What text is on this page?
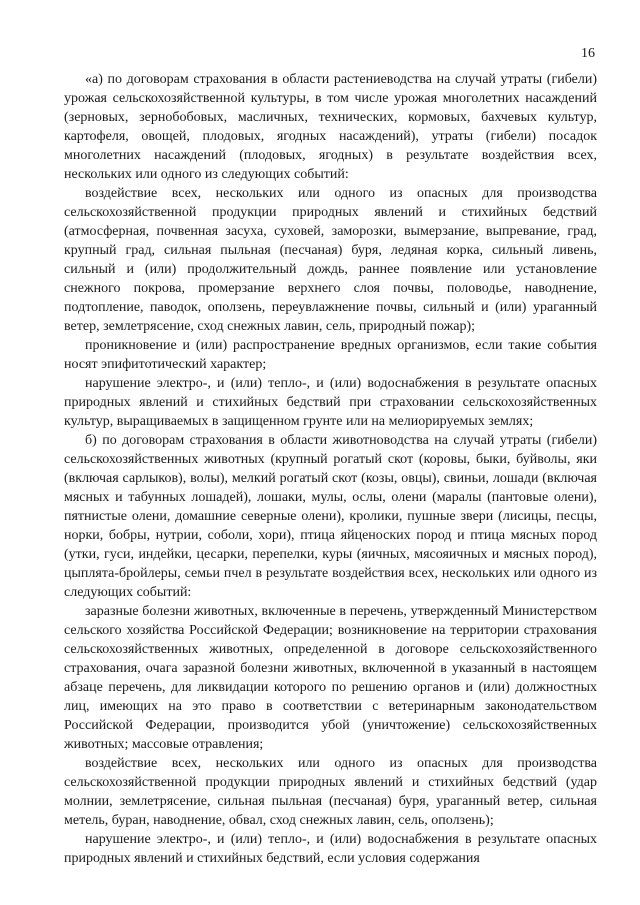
16

«а) по договорам страхования в области растениеводства на случай утраты (гибели) урожая сельскохозяйственной культуры, в том числе урожая многолетних насаждений (зерновых, зернобобовых, масличных, технических, кормовых, бахчевых культур, картофеля, овощей, плодовых, ягодных насаждений), утраты (гибели) посадок многолетних насаждений (плодовых, ягодных) в результате воздействия всех, нескольких или одного из следующих событий:

воздействие всех, нескольких или одного из опасных для производства сельскохозяйственной продукции природных явлений и стихийных бедствий (атмосферная, почвенная засуха, суховей, заморозки, вымерзание, выпревание, град, крупный град, сильная пыльная (песчаная) буря, ледяная корка, сильный ливень, сильный и (или) продолжительный дождь, раннее появление или установление снежного покрова, промерзание верхнего слоя почвы, половодье, наводнение, подтопление, паводок, оползень, переувлажнение почвы, сильный и (или) ураганный ветер, землетрясение, сход снежных лавин, сель, природный пожар);

проникновение и (или) распространение вредных организмов, если такие события носят эпифитотический характер;

нарушение электро-, и (или) тепло-, и (или) водоснабжения в результате опасных природных явлений и стихийных бедствий при страховании сельскохозяйственных культур, выращиваемых в защищенном грунте или на мелиорируемых землях;

б) по договорам страхования в области животноводства на случай утраты (гибели) сельскохозяйственных животных (крупный рогатый скот (коровы, быки, буйволы, яки (включая сарлыков), волы), мелкий рогатый скот (козы, овцы), свиньи, лошади (включая мясных и табунных лошадей), лошаки, мулы, ослы, олени (маралы (пантовые олени), пятнистые олени, домашние северные олени), кролики, пушные звери (лисицы, песцы, норки, бобры, нутрии, соболи, хори), птица яйценоских пород и птица мясных пород (утки, гуси, индейки, цесарки, перепелки, куры (яичных, мясояичных и мясных пород), цыплята-бройлеры, семьи пчел в результате воздействия всех, нескольких или одного из следующих событий:

заразные болезни животных, включенные в перечень, утвержденный Министерством сельского хозяйства Российской Федерации; возникновение на территории страхования сельскохозяйственных животных, определенной в договоре сельскохозяйственного страхования, очага заразной болезни животных, включенной в указанный в настоящем абзаце перечень, для ликвидации которого по решению органов и (или) должностных лиц, имеющих на это право в соответствии с ветеринарным законодательством Российской Федерации, производится убой (уничтожение) сельскохозяйственных животных; массовые отравления;

воздействие всех, нескольких или одного из опасных для производства сельскохозяйственной продукции природных явлений и стихийных бедствий (удар молнии, землетрясение, сильная пыльная (песчаная) буря, ураганный ветер, сильная метель, буран, наводнение, обвал, сход снежных лавин, сель, оползень);

нарушение электро-, и (или) тепло-, и (или) водоснабжения в результате опасных природных явлений и стихийных бедствий, если условия содержания
